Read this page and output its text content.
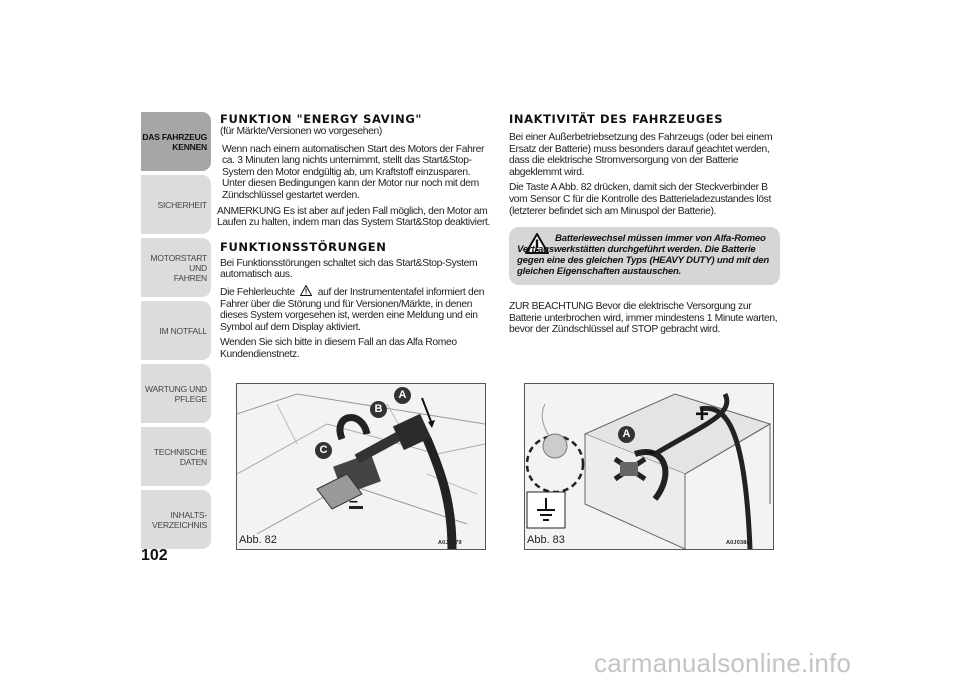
DAS FAHRZEUG
KENNEN
SICHERHEIT
MOTORSTART UND
FAHREN
IM NOTFALL
WARTUNG UND
PFLEGE
TECHNISCHE DATEN
INHALTS-
VERZEICHNIS
102
FUNKTION "ENERGY SAVING"

(für Märkte/Versionen wo vorgesehen)

Wenn nach einem automatischen Start des Motors der Fahrer ca. 3 Minuten lang nichts unternimmt, stellt das Start&Stop-System den Motor endgültig ab, um Kraftstoff einzusparen. Unter diesen Bedingungen kann der Motor nur noch mit dem Zündschlüssel gestartet werden.

ANMERKUNG Es ist aber auf jeden Fall möglich, den Motor am Laufen zu halten, indem man das System Start&Stop deaktiviert.

FUNKTIONSSTÖRUNGEN

Bei Funktionsstörungen schaltet sich das Start&Stop-System automatisch aus.

Die Fehlerleuchte auf der Instrumententafel informiert den Fahrer über die Störung und für Versionen/Märkte, in denen dieses System vorgesehen ist, werden eine Meldung und ein Symbol auf dem Display aktiviert.

Wenden Sie sich bitte in diesem Fall an das Alfa Romeo Kundendienstnetz.

INAKTIVITÄT DES FAHRZEUGES

Bei einer Außerbetriebsetzung des Fahrzeugs (oder bei einem Ersatz der Batterie) muss besonders darauf geachtet werden, dass die elektrische Stromversorgung von der Batterie abgeklemmt wird.

Die Taste A Abb. 82 drücken, damit sich der Steckverbinder B vom Sensor C für die Kontrolle des Batterieladezustandes löst (letzterer befindet sich am Minuspol der Batterie).

Batteriewechsel müssen immer von Alfa-Romeo Vertragswerkstätten durchgeführt werden. Die Batterie gegen eine des gleichen Typs (HEAVY DUTY) und mit den gleichen Eigenschaften austauschen.

ZUR BEACHTUNG Bevor die elektrische Versorgung zur Batterie unterbrochen wird, immer mindestens 1 Minute warten, bevor der Zündschlüssel auf STOP gebracht wird.

A
B
C
–
Abb. 82	A0J0379
A
+
–
Abb. 83	A0J0388
carmanualsonline.info
